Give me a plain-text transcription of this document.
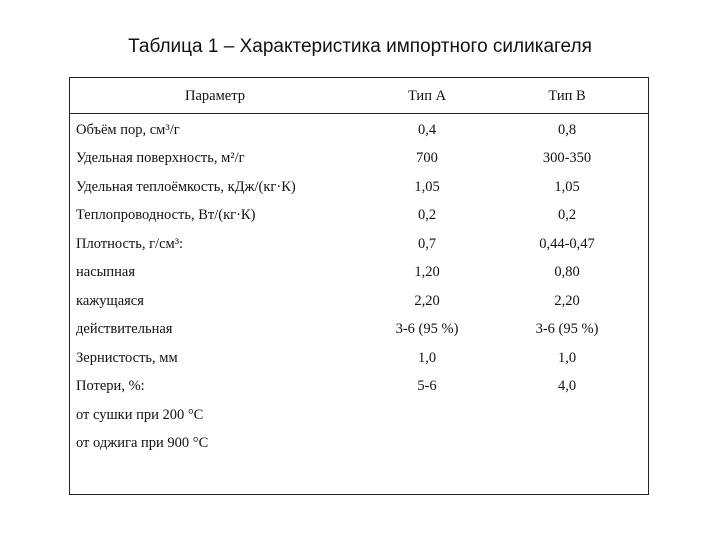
Таблица 1 – Характеристика импортного силикагеля
Параметр	Тип A	Тип B
Объём пор, см³/г	0,4	0,8
Удельная поверхность, м²/г	700	300-350
Удельная теплоёмкость, кДж/(кг·К)	1,05	1,05
Теплопроводность, Вт/(кг·К)	0,2	0,2
Плотность, г/см³:	0,7	0,44-0,47
насыпная	1,20	0,80
кажущаяся	2,20	2,20
действительная	3-6 (95 %)	3-6 (95 %)
Зернистость, мм	1,0	1,0
Потери, %:	5-6	4,0
от сушки при 200 °С
от оджига при 900 °С
